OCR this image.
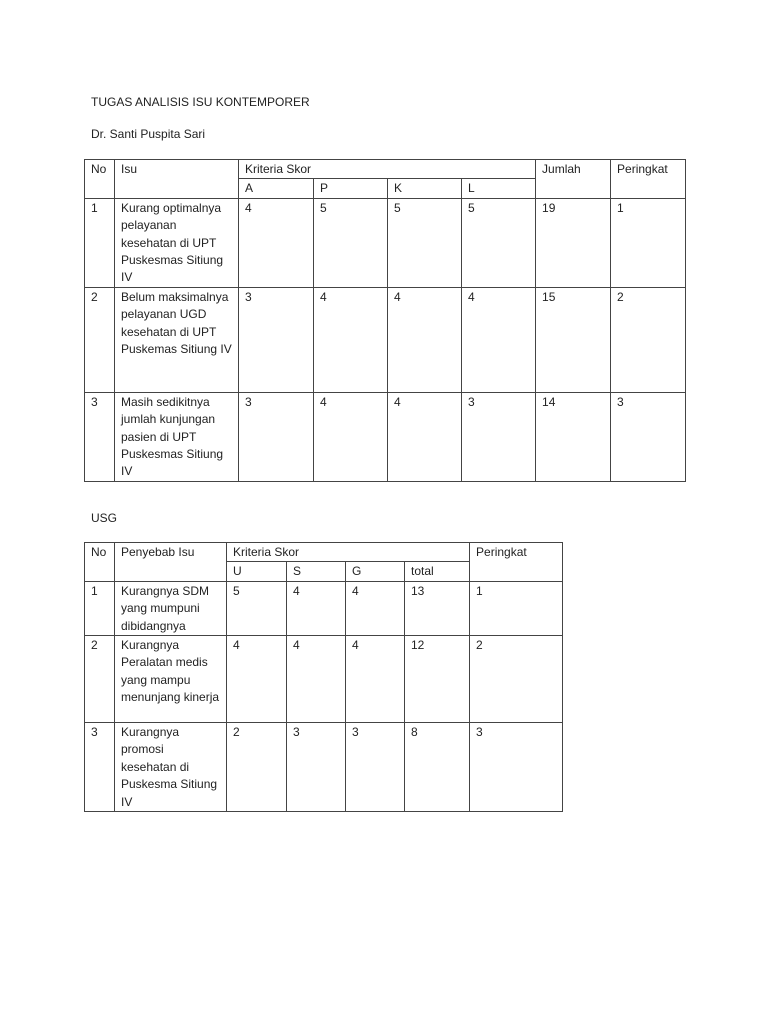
TUGAS ANALISIS ISU KONTEMPORER
Dr. Santi Puspita Sari
No	Isu	Kriteria Skor				Jumlah	Peringkat
		A	P	K	L		
1	Kurang optimalnya pelayanan kesehatan di UPT Puskesmas Sitiung IV	4	5	5	5	19	1
2	Belum maksimalnya pelayanan UGD kesehatan di UPT Puskemas Sitiung IV	3	4	4	4	15	2
3	Masih sedikitnya jumlah kunjungan pasien di UPT Puskesmas Sitiung IV	3	4	4	3	14	3
USG
No	Penyebab Isu	Kriteria Skor				Peringkat
		U	S	G	total	
1	Kurangnya SDM yang mumpuni dibidangnya	5	4	4	13	1
2	Kurangnya Peralatan medis yang mampu menunjang kinerja	4	4	4	12	2
3	Kurangnya promosi kesehatan di Puskesma Sitiung IV	2	3	3	8	3
